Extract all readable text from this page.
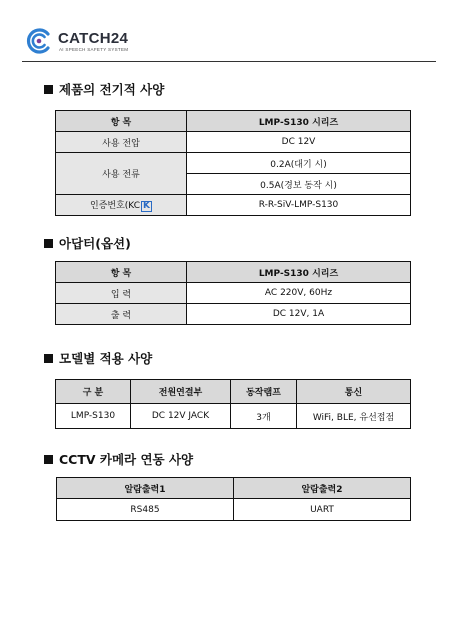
CATCH24
AI SPEECH SAFETY SYSTEM
제품의 전기적 사양
항 목	LMP-S130 시리즈
사용 전압	DC 12V
사용 전류	0.2A(대기 시)
	0.5A(경보 동작 시)
인증번호(KC K	R-R-SiV-LMP-S130
아답터(옵션)
항 목	LMP-S130 시리즈
입 력	AC 220V, 60Hz
출 력	DC 12V, 1A
모델별 적용 사양
구 분	전원연결부	동작램프	통신
LMP-S130	DC 12V JACK	3개	WiFi, BLE, 유선접점
CCTV 카메라 연동 사양
알람출력1	알람출력2
RS485	UART
